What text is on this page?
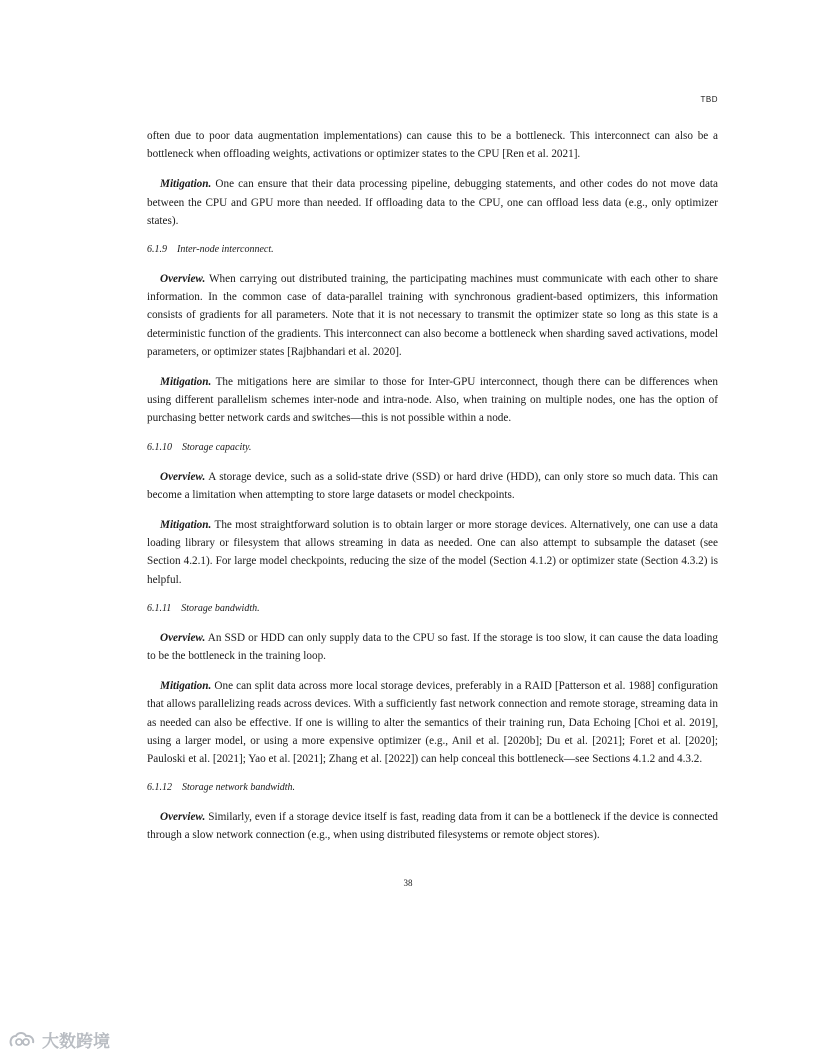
TBD

often due to poor data augmentation implementations) can cause this to be a bottleneck. This interconnect can also be a bottleneck when offloading weights, activations or optimizer states to the CPU [Ren et al. 2021].

Mitigation. One can ensure that their data processing pipeline, debugging statements, and other codes do not move data between the CPU and GPU more than needed. If offloading data to the CPU, one can offload less data (e.g., only optimizer states).

6.1.9 Inter-node interconnect.

Overview. When carrying out distributed training, the participating machines must communicate with each other to share information. In the common case of data-parallel training with synchronous gradient-based optimizers, this information consists of gradients for all parameters. Note that it is not necessary to transmit the optimizer state so long as this state is a deterministic function of the gradients. This interconnect can also become a bottleneck when sharding saved activations, model parameters, or optimizer states [Rajbhandari et al. 2020].

Mitigation. The mitigations here are similar to those for Inter-GPU interconnect, though there can be differences when using different parallelism schemes inter-node and intra-node. Also, when training on multiple nodes, one has the option of purchasing better network cards and switches—this is not possible within a node.

6.1.10 Storage capacity.

Overview. A storage device, such as a solid-state drive (SSD) or hard drive (HDD), can only store so much data. This can become a limitation when attempting to store large datasets or model checkpoints.

Mitigation. The most straightforward solution is to obtain larger or more storage devices. Alternatively, one can use a data loading library or filesystem that allows streaming in data as needed. One can also attempt to subsample the dataset (see Section 4.2.1). For large model checkpoints, reducing the size of the model (Section 4.1.2) or optimizer state (Section 4.3.2) is helpful.

6.1.11 Storage bandwidth.

Overview. An SSD or HDD can only supply data to the CPU so fast. If the storage is too slow, it can cause the data loading to be the bottleneck in the training loop.

Mitigation. One can split data across more local storage devices, preferably in a RAID [Patterson et al. 1988] configuration that allows parallelizing reads across devices. With a sufficiently fast network connection and remote storage, streaming data in as needed can also be effective. If one is willing to alter the semantics of their training run, Data Echoing [Choi et al. 2019], using a larger model, or using a more expensive optimizer (e.g., Anil et al. [2020b]; Du et al. [2021]; Foret et al. [2020]; Pauloski et al. [2021]; Yao et al. [2021]; Zhang et al. [2022]) can help conceal this bottleneck—see Sections 4.1.2 and 4.3.2.

6.1.12 Storage network bandwidth.

Overview. Similarly, even if a storage device itself is fast, reading data from it can be a bottleneck if the device is connected through a slow network connection (e.g., when using distributed filesystems or remote object stores).

38
大数跨境
